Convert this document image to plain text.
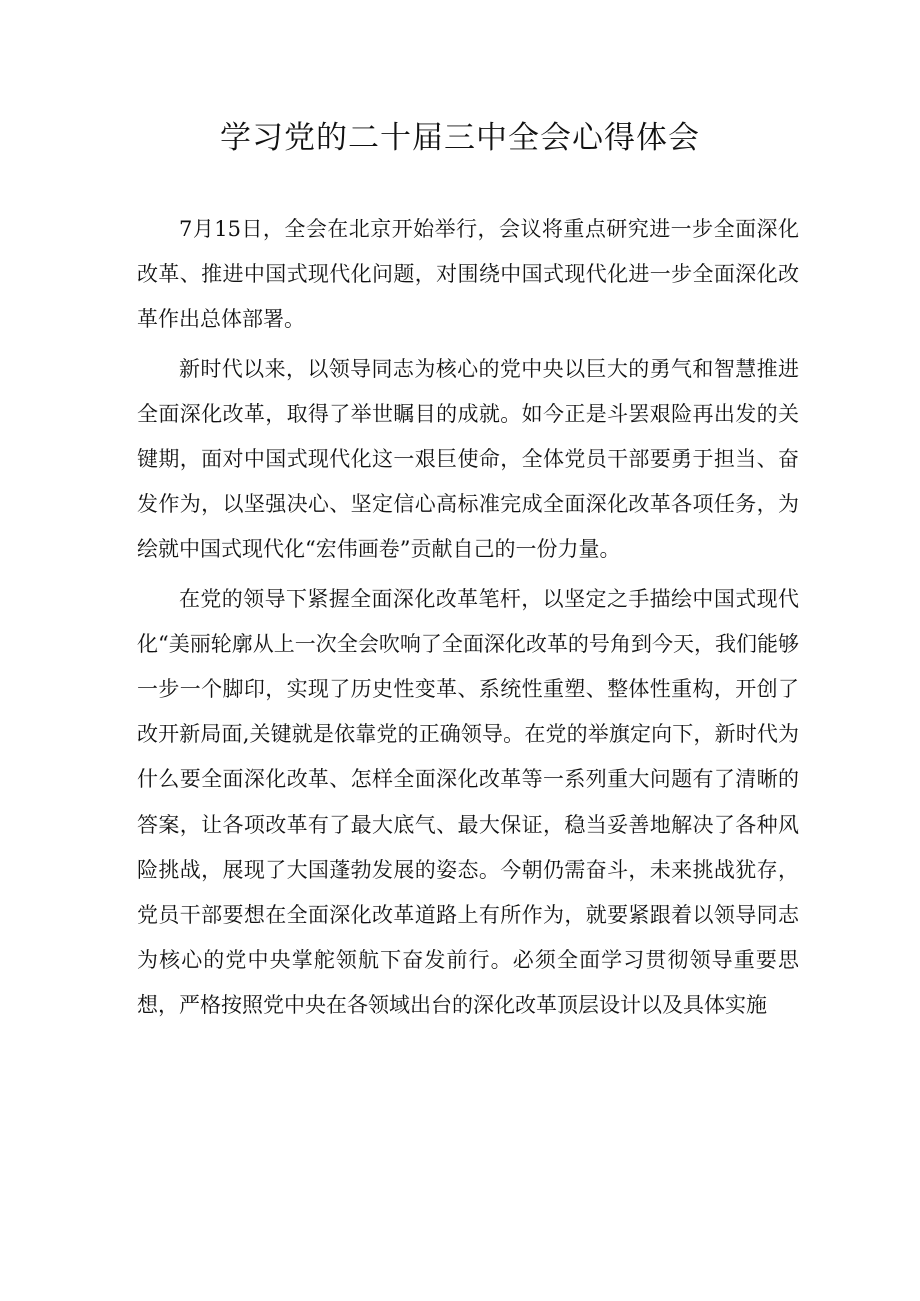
学习党的二十届三中全会心得体会

7月15日，全会在北京开始举行，会议将重点研究进一步全面深化改革、推进中国式现代化问题，对围绕中国式现代化进一步全面深化改革作出总体部署。

新时代以来，以领导同志为核心的党中央以巨大的勇气和智慧推进全面深化改革，取得了举世瞩目的成就。如今正是斗罢艰险再出发的关键期，面对中国式现代化这一艰巨使命，全体党员干部要勇于担当、奋发作为，以坚强决心、坚定信心高标准完成全面深化改革各项任务，为绘就中国式现代化“宏伟画卷”贡献自己的一份力量。

在党的领导下紧握全面深化改革笔杆，以坚定之手描绘中国式现代化“美丽轮廓从上一次全会吹响了全面深化改革的号角到今天，我们能够一步一个脚印，实现了历史性变革、系统性重塑、整体性重构，开创了改开新局面,关键就是依靠党的正确领导。在党的举旗定向下，新时代为什么要全面深化改革、怎样全面深化改革等一系列重大问题有了清晰的答案，让各项改革有了最大底气、最大保证，稳当妥善地解决了各种风险挑战，展现了大国蓬勃发展的姿态。今朝仍需奋斗，未来挑战犹存，党员干部要想在全面深化改革道路上有所作为，就要紧跟着以领导同志为核心的党中央掌舵领航下奋发前行。必须全面学习贯彻领导重要思想，严格按照党中央在各领域出台的深化改革顶层设计以及具体实施
